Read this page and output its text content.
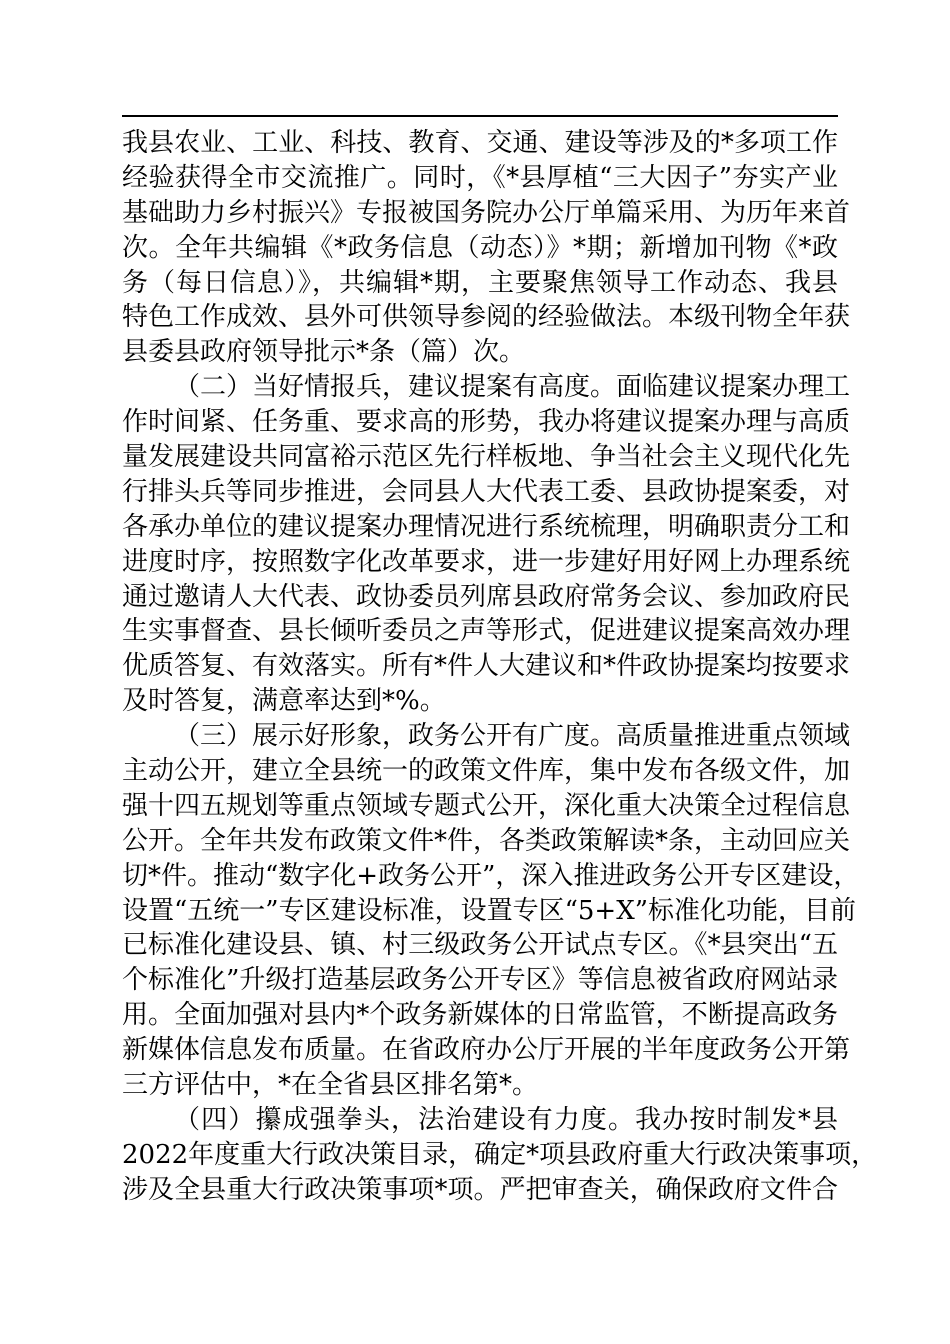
我县农业、工业、科技、教育、交通、建设等涉及的*多项工作
经验获得全市交流推广。同时，《*县厚植“三大因子”夯实产业
基础助力乡村振兴》专报被国务院办公厅单篇采用、为历年来首
次。全年共编辑《*政务信息（动态）》*期；新增加刊物《*政
务（每日信息）》，共编辑*期，主要聚焦领导工作动态、我县
特色工作成效、县外可供领导参阅的经验做法。本级刊物全年获
县委县政府领导批示*条（篇）次。
（二）当好情报兵，建议提案有高度。面临建议提案办理工
作时间紧、任务重、要求高的形势，我办将建议提案办理与高质
量发展建设共同富裕示范区先行样板地、争当社会主义现代化先
行排头兵等同步推进，会同县人大代表工委、县政协提案委，对
各承办单位的建议提案办理情况进行系统梳理，明确职责分工和
进度时序，按照数字化改革要求，进一步建好用好网上办理系统
通过邀请人大代表、政协委员列席县政府常务会议、参加政府民
生实事督查、县长倾听委员之声等形式，促进建议提案高效办理
优质答复、有效落实。所有*件人大建议和*件政协提案均按要求
及时答复，满意率达到*%。
（三）展示好形象，政务公开有广度。高质量推进重点领域
主动公开，建立全县统一的政策文件库，集中发布各级文件，加
强十四五规划等重点领域专题式公开，深化重大决策全过程信息
公开。全年共发布政策文件*件，各类政策解读*条，主动回应关
切*件。推动“数字化+政务公开”，深入推进政务公开专区建设，
设置“五统一”专区建设标准，设置专区“5+X”标准化功能，目前
已标准化建设县、镇、村三级政务公开试点专区。《*县突出“五
个标准化”升级打造基层政务公开专区》等信息被省政府网站录
用。全面加强对县内*个政务新媒体的日常监管，不断提高政务
新媒体信息发布质量。在省政府办公厅开展的半年度政务公开第
三方评估中，*在全省县区排名第*。
（四）攥成强拳头，法治建设有力度。我办按时制发*县
2022年度重大行政决策目录，确定*项县政府重大行政决策事项，
涉及全县重大行政决策事项*项。严把审查关，确保政府文件合
